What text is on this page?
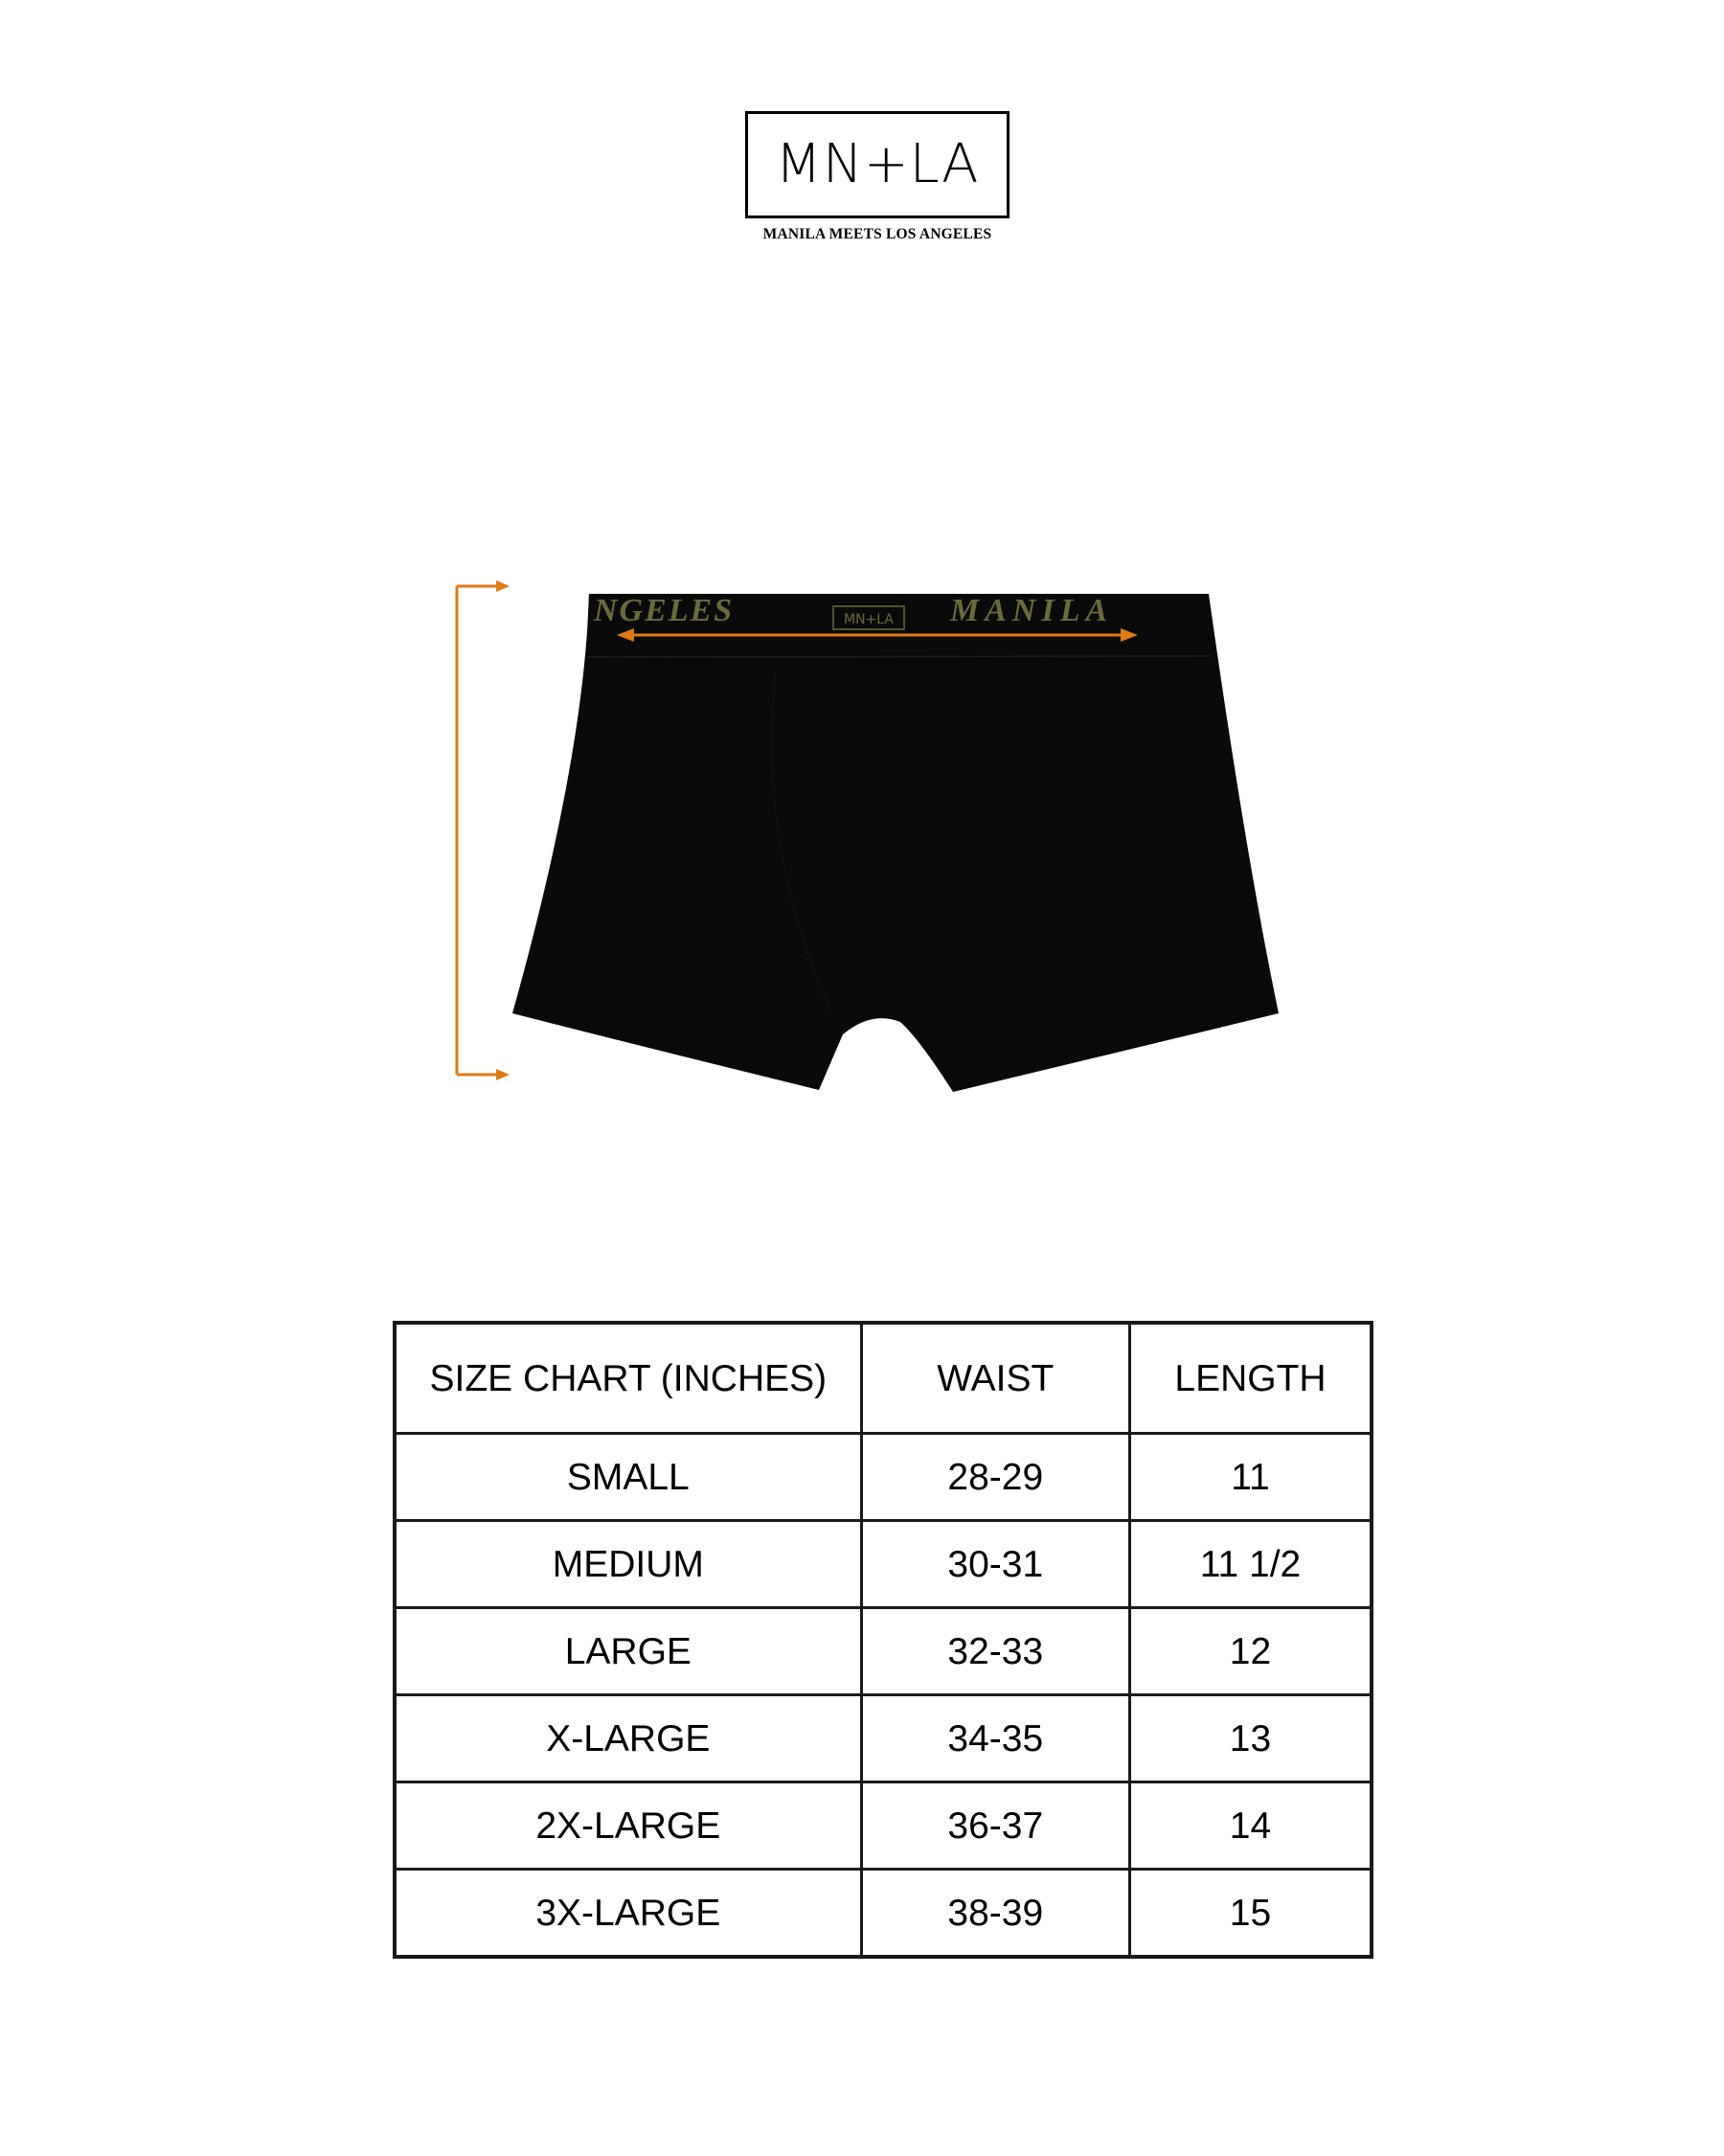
MN+LA
MANILA MEETS LOS ANGELES
NGELES	MN+LA MANILA
SIZE CHART (INCHES)	WAIST	LENGTH
SMALL	28-29	11
MEDIUM	30-31	11 1/2
LARGE	32-33	12
X-LARGE	34-35	13
2X-LARGE	36-37	14
3X-LARGE	38-39	15
